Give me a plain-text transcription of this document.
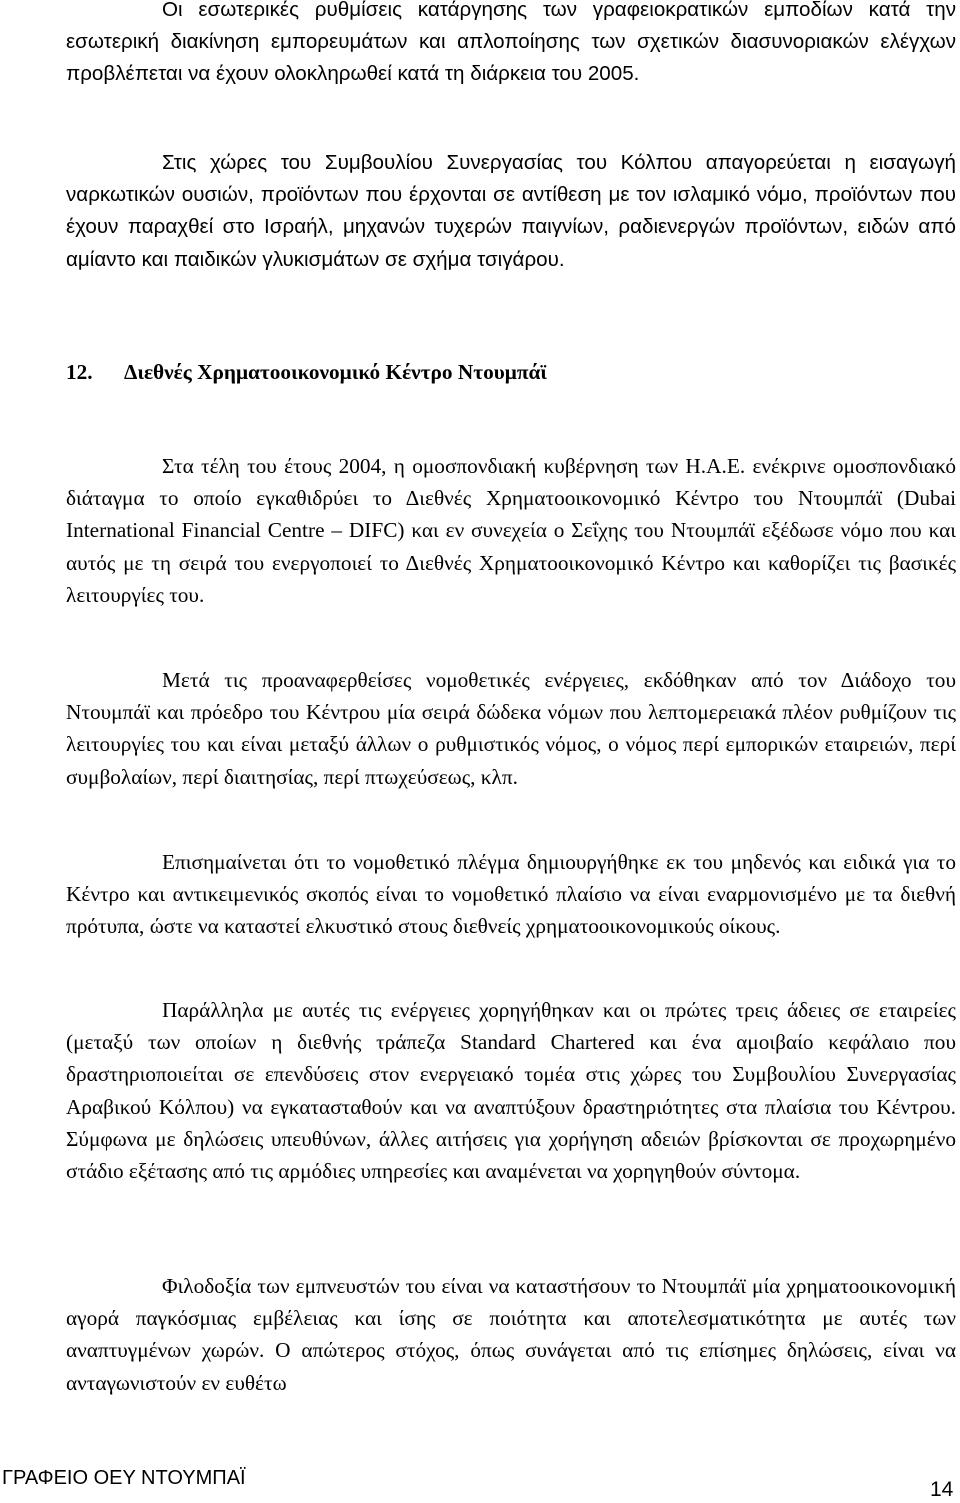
Οι εσωτερικές ρυθμίσεις κατάργησης των γραφειοκρατικών εμποδίων κατά την εσωτερική διακίνηση εμπορευμάτων και απλοποίησης των σχετικών διασυνοριακών ελέγχων προβλέπεται να έχουν ολοκληρωθεί κατά τη διάρκεια του 2005.

Στις χώρες του Συμβουλίου Συνεργασίας του Κόλπου απαγορεύεται η εισαγωγή ναρκωτικών ουσιών, προϊόντων που έρχονται σε αντίθεση με τον ισλαμικό νόμο, προϊόντων που έχουν παραχθεί στο Ισραήλ, μηχανών τυχερών παιγνίων, ραδιενεργών προϊόντων, ειδών από αμίαντο και παιδικών γλυκισμάτων σε σχήμα τσιγάρου.

12. Διεθνές Χρηματοοικονομικό Κέντρο Ντουμπάϊ

Στα τέλη του έτους 2004, η ομοσπονδιακή κυβέρνηση των Η.Α.Ε. ενέκρινε ομοσπονδιακό διάταγμα το οποίο εγκαθιδρύει το Διεθνές Χρηματοοικονομικό Κέντρο του Ντουμπάϊ (Dubai International Financial Centre – DIFC) και εν συνεχεία ο Σεΐχης του Ντουμπάϊ εξέδωσε νόμο που και αυτός με τη σειρά του ενεργοποιεί το Διεθνές Χρηματοοικονομικό Κέντρο και καθορίζει τις βασικές λειτουργίες του.

Μετά τις προαναφερθείσες νομοθετικές ενέργειες, εκδόθηκαν από τον Διάδοχο του Ντουμπάϊ και πρόεδρο του Κέντρου μία σειρά δώδεκα νόμων που λεπτομερειακά πλέον ρυθμίζουν τις λειτουργίες του και είναι μεταξύ άλλων ο ρυθμιστικός νόμος, ο νόμος περί εμπορικών εταιρειών, περί συμβολαίων, περί διαιτησίας, περί πτωχεύσεως, κλπ.

Επισημαίνεται ότι το νομοθετικό πλέγμα δημιουργήθηκε εκ του μηδενός και ειδικά για το Κέντρο και αντικειμενικός σκοπός είναι το νομοθετικό πλαίσιο να είναι εναρμονισμένο με τα διεθνή πρότυπα, ώστε να καταστεί ελκυστικό στους διεθνείς χρηματοοικονομικούς οίκους.

Παράλληλα με αυτές τις ενέργειες χορηγήθηκαν και οι πρώτες τρεις άδειες σε εταιρείες (μεταξύ των οποίων η διεθνής τράπεζα Standard Chartered και ένα αμοιβαίο κεφάλαιο που δραστηριοποιείται σε επενδύσεις στον ενεργειακό τομέα στις χώρες του Συμβουλίου Συνεργασίας Αραβικού Κόλπου) να εγκατασταθούν και να αναπτύξουν δραστηριότητες στα πλαίσια του Κέντρου. Σύμφωνα με δηλώσεις υπευθύνων, άλλες αιτήσεις για χορήγηση αδειών βρίσκονται σε προχωρημένο στάδιο εξέτασης από τις αρμόδιες υπηρεσίες και αναμένεται να χορηγηθούν σύντομα.

Φιλοδοξία των εμπνευστών του είναι να καταστήσουν το Ντουμπάϊ μία χρηματοοικονομική αγορά παγκόσμιας εμβέλειας και ίσης σε ποιότητα και αποτελεσματικότητα με αυτές των αναπτυγμένων χωρών. Ο απώτερος στόχος, όπως συνάγεται από τις επίσημες δηλώσεις, είναι να ανταγωνιστούν εν ευθέτω

ΓΡΑΦΕΙΟ ΟΕΥ ΝΤΟΥΜΠΑΪ	14
